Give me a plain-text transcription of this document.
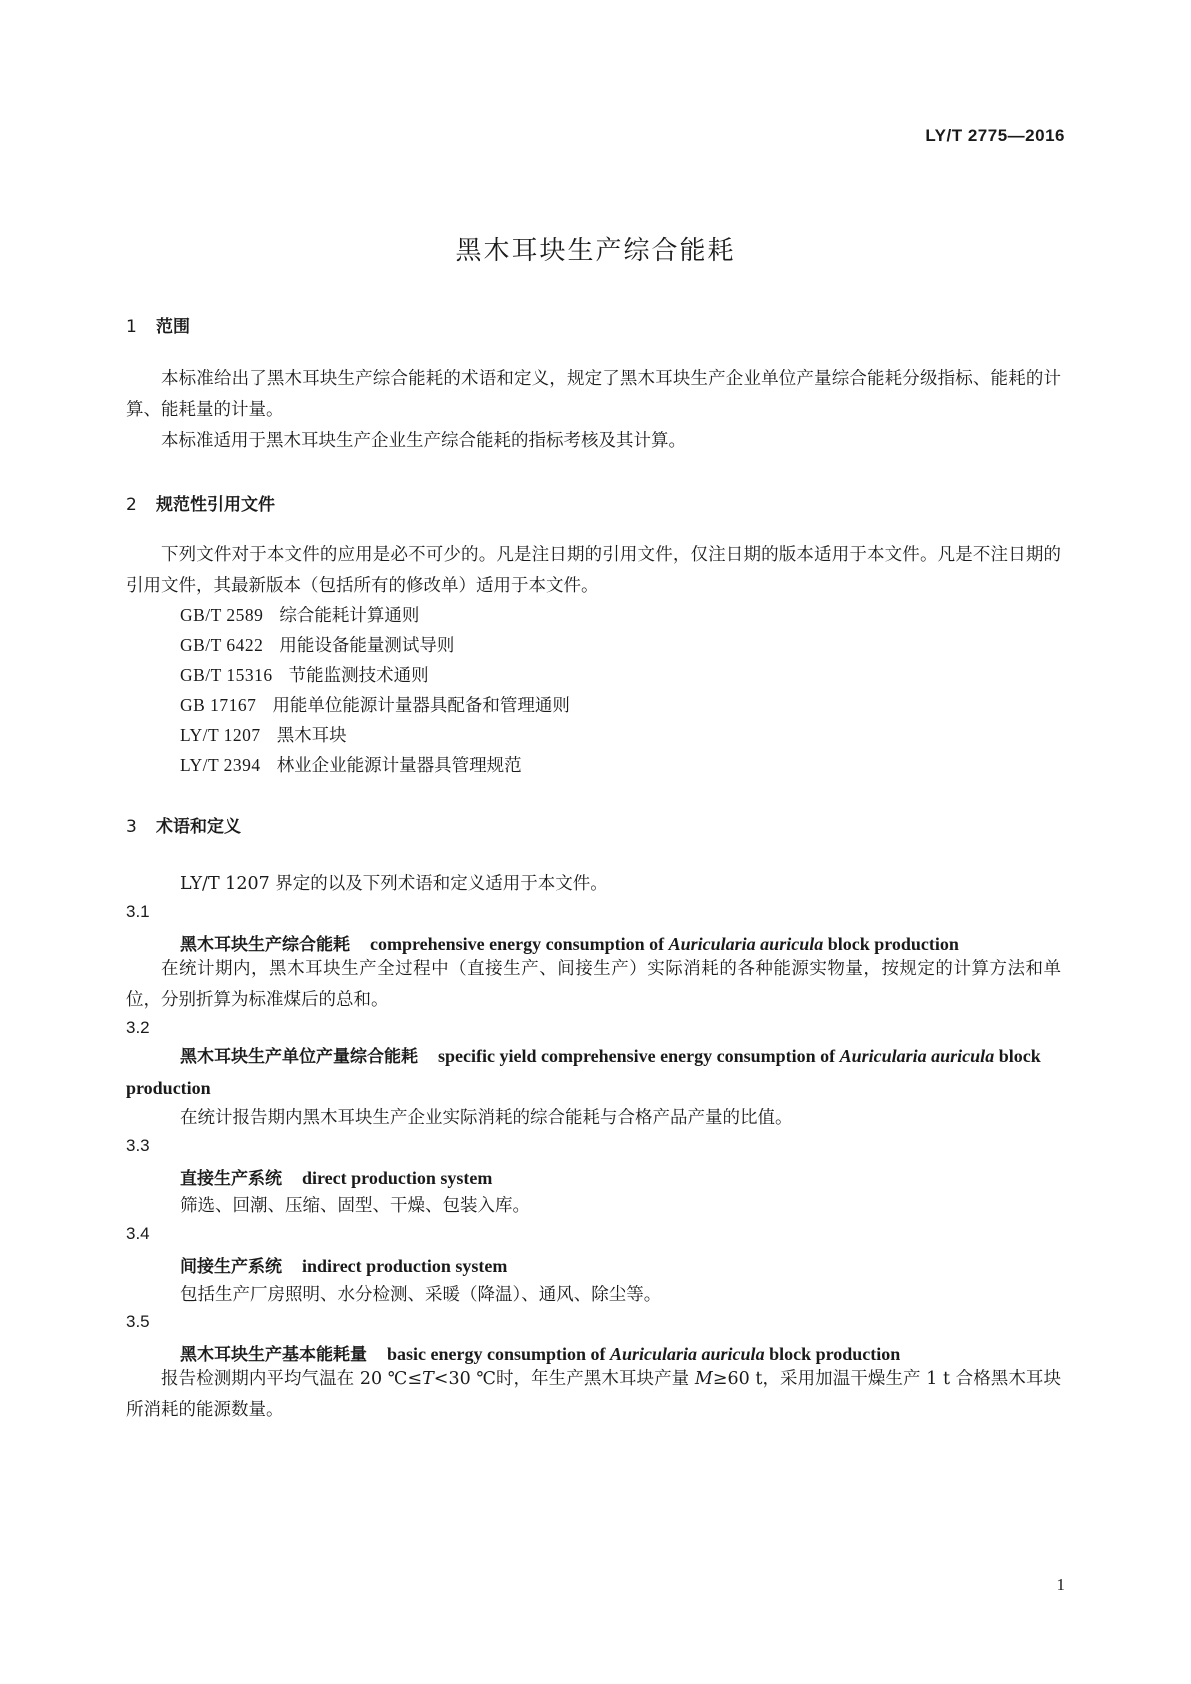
LY/T 2775—2016
黑木耳块生产综合能耗
1 范围
本标准给出了黑木耳块生产综合能耗的术语和定义，规定了黑木耳块生产企业单位产量综合能耗分级指标、能耗的计算、能耗量的计量。
本标准适用于黑木耳块生产企业生产综合能耗的指标考核及其计算。
2 规范性引用文件
下列文件对于本文件的应用是必不可少的。凡是注日期的引用文件，仅注日期的版本适用于本文件。凡是不注日期的引用文件，其最新版本（包括所有的修改单）适用于本文件。
GB/T 2589 综合能耗计算通则
GB/T 6422 用能设备能量测试导则
GB/T 15316 节能监测技术通则
GB 17167 用能单位能源计量器具配备和管理通则
LY/T 1207 黑木耳块
LY/T 2394 林业企业能源计量器具管理规范
3 术语和定义
LY/T 1207 界定的以及下列术语和定义适用于本文件。
3.1
黑木耳块生产综合能耗 comprehensive energy consumption of Auricularia auricula block production
在统计期内，黑木耳块生产全过程中（直接生产、间接生产）实际消耗的各种能源实物量，按规定的计算方法和单位，分别折算为标准煤后的总和。
3.2
黑木耳块生产单位产量综合能耗 specific yield comprehensive energy consumption of Auricularia auricula block production
在统计报告期内黑木耳块生产企业实际消耗的综合能耗与合格产品产量的比值。
3.3
直接生产系统 direct production system
筛选、回潮、压缩、固型、干燥、包装入库。
3.4
间接生产系统 indirect production system
包括生产厂房照明、水分检测、采暖（降温）、通风、除尘等。
3.5
黑木耳块生产基本能耗量 basic energy consumption of Auricularia auricula block production
报告检测期内平均气温在 20 ℃≤T<30 ℃时，年生产黑木耳块产量 M≥60 t，采用加温干燥生产 1 t 合格黑木耳块所消耗的能源数量。
1
